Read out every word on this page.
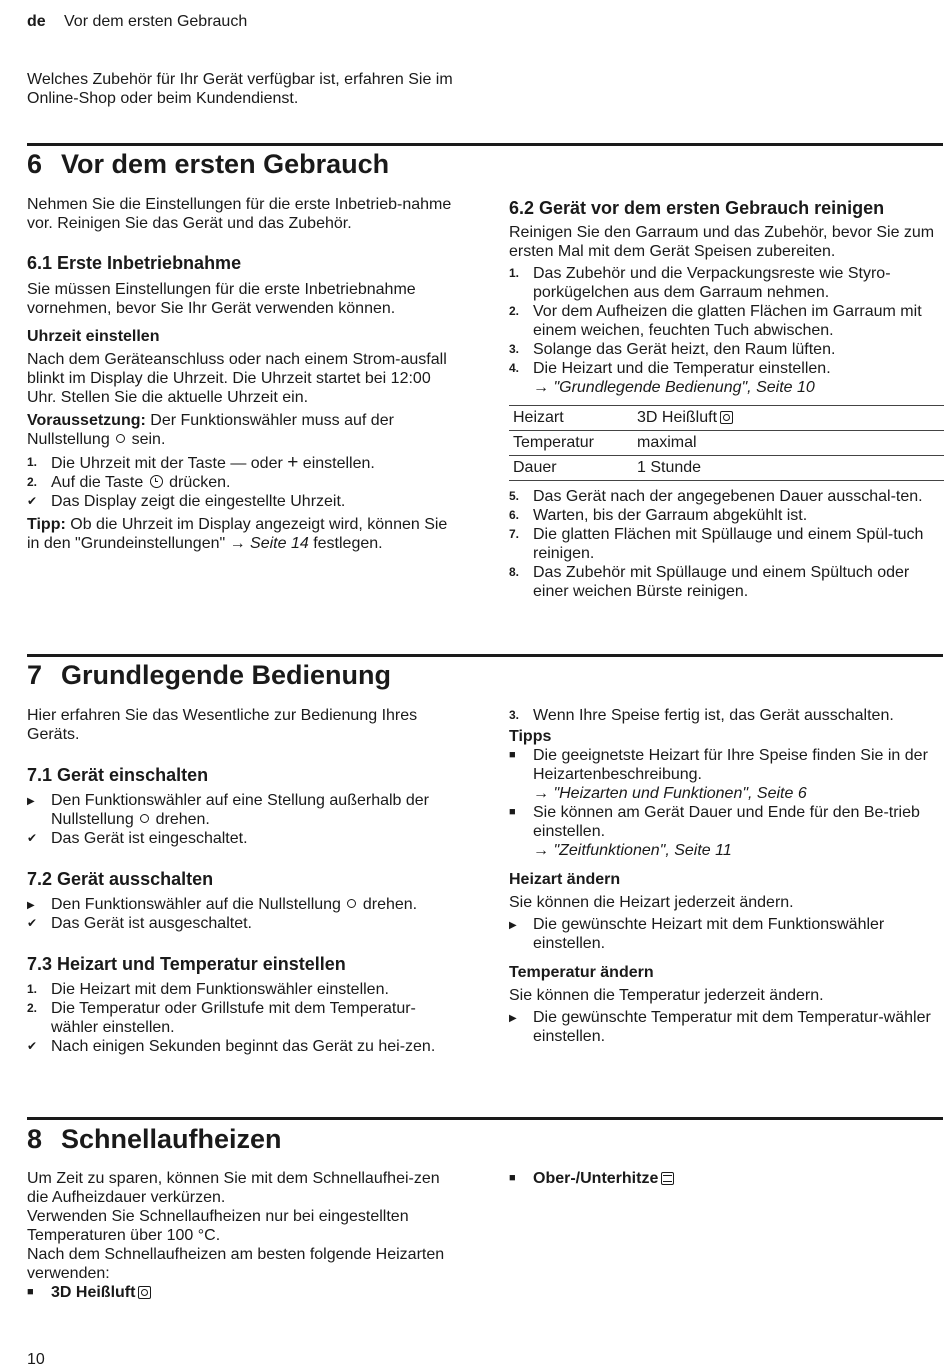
de Vor dem ersten Gebrauch

Welches Zubehör für Ihr Gerät verfügbar ist, erfahren Sie im Online-Shop oder beim Kundendienst.

6 Vor dem ersten Gebrauch

Nehmen Sie die Einstellungen für die erste Inbetrieb-nahme vor. Reinigen Sie das Gerät und das Zubehör.

6.1 Erste Inbetriebnahme

Sie müssen Einstellungen für die erste Inbetriebnahme vornehmen, bevor Sie Ihr Gerät verwenden können.

Uhrzeit einstellen

Nach dem Geräteanschluss oder nach einem Strom-ausfall blinkt im Display die Uhrzeit. Die Uhrzeit startet bei 12:00 Uhr. Stellen Sie die aktuelle Uhrzeit ein.

Voraussetzung: Der Funktionswähler muss auf der Nullstellung  sein.

1. Die Uhrzeit mit der Taste — oder + einstellen.
2. Auf die Taste  drücken.
✔ Das Display zeigt die eingestellte Uhrzeit.

Tipp: Ob die Uhrzeit im Display angezeigt wird, können Sie in den "Grundeinstellungen" → Seite 14 festlegen.

6.2 Gerät vor dem ersten Gebrauch reinigen

Reinigen Sie den Garraum und das Zubehör, bevor Sie zum ersten Mal mit dem Gerät Speisen zubereiten.

1. Das Zubehör und die Verpackungsreste wie Styro-porkügelchen aus dem Garraum nehmen.
2. Vor dem Aufheizen die glatten Flächen im Garraum mit einem weichen, feuchten Tuch abwischen.
3. Solange das Gerät heizt, den Raum lüften.
4. Die Heizart und die Temperatur einstellen.
→ "Grundlegende Bedienung", Seite 10
Heizart	3D Heißluft
Temperatur	maximal
Dauer	1 Stunde
5. Das Gerät nach der angegebenen Dauer ausschal-ten.
6. Warten, bis der Garraum abgekühlt ist.
7. Die glatten Flächen mit Spüllauge und einem Spül-tuch reinigen.
8. Das Zubehör mit Spüllauge und einem Spültuch oder einer weichen Bürste reinigen.
7 Grundlegende Bedienung

Hier erfahren Sie das Wesentliche zur Bedienung Ihres Geräts.

7.1 Gerät einschalten
▶ Den Funktionswähler auf eine Stellung außerhalb der Nullstellung  drehen.
✔ Das Gerät ist eingeschaltet.
7.2 Gerät ausschalten
▶ Den Funktionswähler auf die Nullstellung  drehen.
✔ Das Gerät ist ausgeschaltet.
7.3 Heizart und Temperatur einstellen
1. Die Heizart mit dem Funktionswähler einstellen.
2. Die Temperatur oder Grillstufe mit dem Temperatur-wähler einstellen.
✔ Nach einigen Sekunden beginnt das Gerät zu hei-zen.
3. Wenn Ihre Speise fertig ist, das Gerät ausschalten.
Tipps
■ Die geeignetste Heizart für Ihre Speise finden Sie in der Heizartenbeschreibung.
→ "Heizarten und Funktionen", Seite 6
■ Sie können am Gerät Dauer und Ende für den Be-trieb einstellen.
→ "Zeitfunktionen", Seite 11
Heizart ändern

Sie können die Heizart jederzeit ändern.

▶ Die gewünschte Heizart mit dem Funktionswähler einstellen.
Temperatur ändern

Sie können die Temperatur jederzeit ändern.

▶ Die gewünschte Temperatur mit dem Temperatur-wähler einstellen.
8 Schnellaufheizen

Um Zeit zu sparen, können Sie mit dem Schnellaufhei-zen die Aufheizdauer verkürzen.

Verwenden Sie Schnellaufheizen nur bei eingestellten Temperaturen über 100 °C.

Nach dem Schnellaufheizen am besten folgende Heizarten verwenden:

■ 3D Heißluft
■ Ober-/Unterhitze
10
